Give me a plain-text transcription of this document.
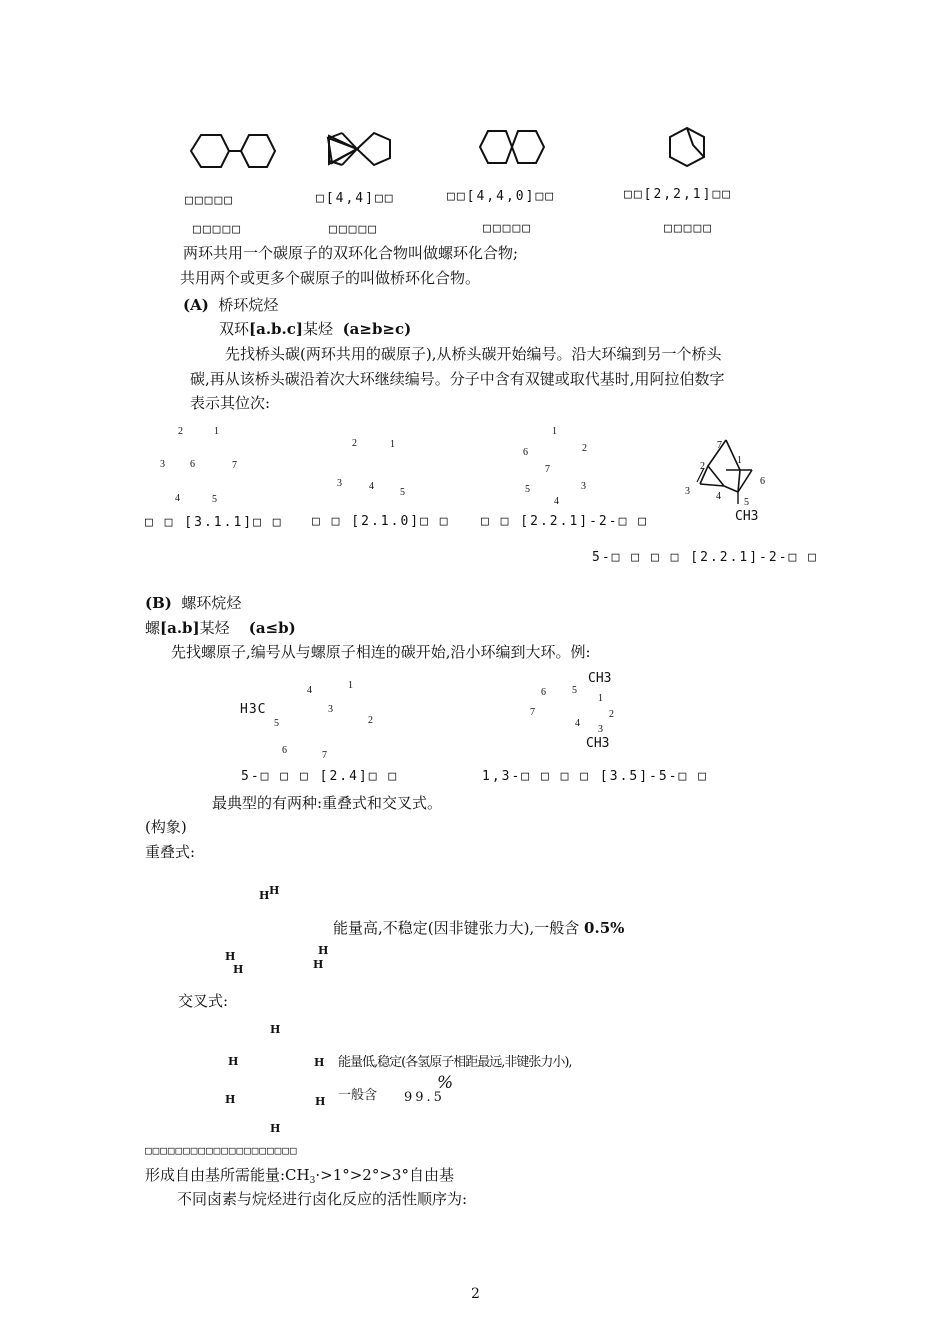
□□□□□	□[4,4]□□	□□[4,4,0]□□	□□[2,2,1]□□
□□□□□	□□□□□	□□□□□	□□□□□
两环共用一个碳原子的双环化合物叫做螺环化合物;
共用两个或更多个碳原子的叫做桥环化合物。
(A) 桥环烷烃
双环[a.b.c]某烃 (a≥b≥c)
先找桥头碳(两环共用的碳原子),从桥头碳开始编号。沿大环编到另一个桥头
碳,再从该桥头碳沿着次大环继续编号。分子中含有双键或取代基时,用阿拉伯数字
表示其位次:
2	1
3	6	7
4	5
2	1
3	4
5
1
6	2
7
5	3
4
7
2
1
3	4
6
5
CH3
□ □ [3.1.1]□ □ □ □ [2.1.0]□ □ □ □ [2.2.1]-2-□ □
5-□ □ □ □ [2.2.1]-2-□ □
(B) 螺环烷烃
螺[a.b]某烃 (a≤b)
先找螺原子,编号从与螺原子相连的碳开始,沿小环编到大环。例:
H3C
4	1
3
5	2
6	7
CH3
6	5
1
7	2
4
3
CH3
5-□ □ □ [2.4]□ □	1,3-□ □ □ □ [3.5]-5-□ □
最典型的有两种:重叠式和交叉式。
(构象)
重叠式:
H H
H
H
H
H
能量高,不稳定(因非键张力大),一般含 0.5%
交叉式:
H
H	H
H	H
H
能量低,稳定(各氢原子相距最远,非键张力小),
一般含 99.5
%
□□□□□□□□□□□□□□□□□□□□
形成自由基所需能量$:CH_3\cdot>1^\circ>2^\circ>3^\circ$自由基
不同卤素与烷烃进行卤化反应的活性顺序为:
2
